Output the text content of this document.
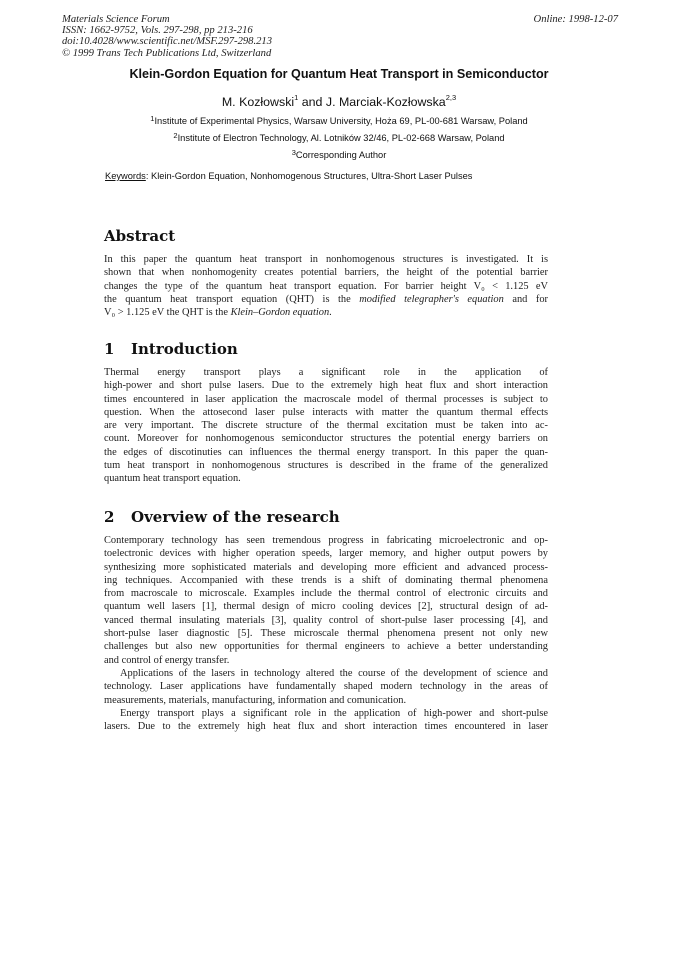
Materials Science Forum
ISSN: 1662-9752, Vols. 297-298, pp 213-216
doi:10.4028/www.scientific.net/MSF.297-298.213
© 1999 Trans Tech Publications Ltd, Switzerland
Online: 1998-12-07
Klein-Gordon Equation for Quantum Heat Transport in Semiconductor
M. Kozłowski$^1$ and J. Marciak-Kozłowska$^{2,3}$
$^1$Institute of Experimental Physics, Warsaw University, Hoża 69, PL-00-681 Warsaw, Poland
$^2$Institute of Electron Technology, Al. Lotników 32/46, PL-02-668 Warsaw, Poland
$^3$Corresponding Author
Keywords: Klein-Gordon Equation, Nonhomogenous Structures, Ultra-Short Laser Pulses
Abstract
In this paper the quantum heat transport in nonhomogenous structures is investigated. It is
shown that when nonhomogenity creates potential barriers, the height of the potential barrier
changes the type of the quantum heat transport equation. For barrier height V₀ < 1.125 eV
the quantum heat transport equation (QHT) is the modified telegrapher's equation and for
V₀ > 1.125 eV the QHT is the Klein–Gordon equation.
1 Introduction
Thermal energy transport plays a significant role in the application of
high-power and short pulse lasers. Due to the extremely high heat flux and short interaction
times encountered in laser application the macroscale model of thermal processes is subject to
question. When the attosecond laser pulse interacts with matter the quantum thermal effects
are very important. The discrete structure of the thermal excitation must be taken into ac-
count. Moreover for nonhomogenous semiconductor structures the potential energy barriers on
the edges of discotinuties can influences the thermal energy transport. In this paper the quan-
tum heat transport in nonhomogenous structures is described in the frame of the generalized
quantum heat transport equation.
2 Overview of the research
Contemporary technology has seen tremendous progress in fabricating microelectronic and op-
toelectronic devices with higher operation speeds, larger memory, and higher output powers by
synthesizing more sophisticated materials and developing more efficient and advanced process-
ing techniques. Accompanied with these trends is a shift of dominating thermal phenomena
from macroscale to microscale. Examples include the thermal control of electronic circuits and
quantum well lasers [1], thermal design of micro cooling devices [2], structural design of ad-
vanced thermal insulating materials [3], quality control of short-pulse laser processing [4], and
short-pulse laser diagnostic [5]. These microscale thermal phenomena present not only new
challenges but also new opportunities for thermal engineers to achieve a better understanding
and control of energy transfer.
Applications of the lasers in technology altered the course of the development of science and
technology. Laser applications have fundamentally shaped modern technology in the areas of
measurements, materials, manufacturing, information and comunication.
Energy transport plays a significant role in the application of high-power and short-pulse
lasers. Due to the extremely high heat flux and short interaction times encountered in laser
